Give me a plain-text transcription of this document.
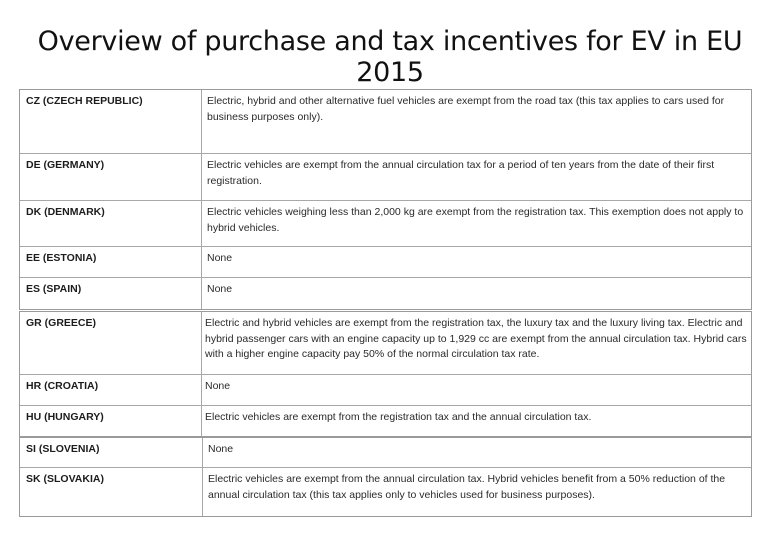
Overview of purchase and tax incentives for EV in EU 2015
CZ (CZECH REPUBLIC)	Electric, hybrid and other alternative fuel vehicles are exempt from the road tax (this tax applies to cars used for business purposes only).
DE (GERMANY)	Electric vehicles are exempt from the annual circulation tax for a period of ten years from the date of their first registration.
DK (DENMARK)	Electric vehicles weighing less than 2,000 kg are exempt from the registration tax. This exemption does not apply to hybrid vehicles.
EE (ESTONIA)	None
ES (SPAIN)	None
GR (GREECE)	Electric and hybrid vehicles are exempt from the registration tax, the luxury tax and the luxury living tax. Electric and hybrid passenger cars with an engine capacity up to 1,929 cc are exempt from the annual circulation tax. Hybrid cars with a higher engine capacity pay 50% of the normal circulation tax rate.
HR (CROATIA)	None
HU (HUNGARY)	Electric vehicles are exempt from the registration tax and the annual circulation tax.
SI (SLOVENIA)	None
SK (SLOVAKIA)	Electric vehicles are exempt from the annual circulation tax. Hybrid vehicles benefit from a 50% reduction of the annual circulation tax (this tax applies only to vehicles used for business purposes).
